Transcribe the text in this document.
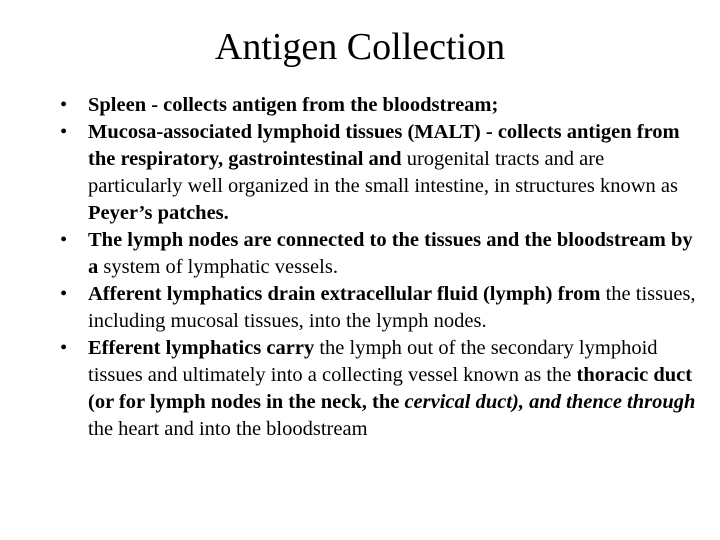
Antigen Collection
•	Spleen - collects antigen from the bloodstream;
•	Mucosa-associated lymphoid tissues (MALT) - collects antigen from the respiratory, gastrointestinal and urogenital tracts and are particularly well organized in the small intestine, in structures known as Peyer’s patches.
•	The lymph nodes are connected to the tissues and the bloodstream by a system of lymphatic vessels.
•	Afferent lymphatics drain extracellular fluid (lymph) from the tissues, including mucosal tissues, into the lymph nodes.
•	Efferent lymphatics carry the lymph out of the secondary lymphoid tissues and ultimately into a collecting vessel known as the thoracic duct (or for lymph nodes in the neck, the cervical duct), and thence through the heart and into the bloodstream
